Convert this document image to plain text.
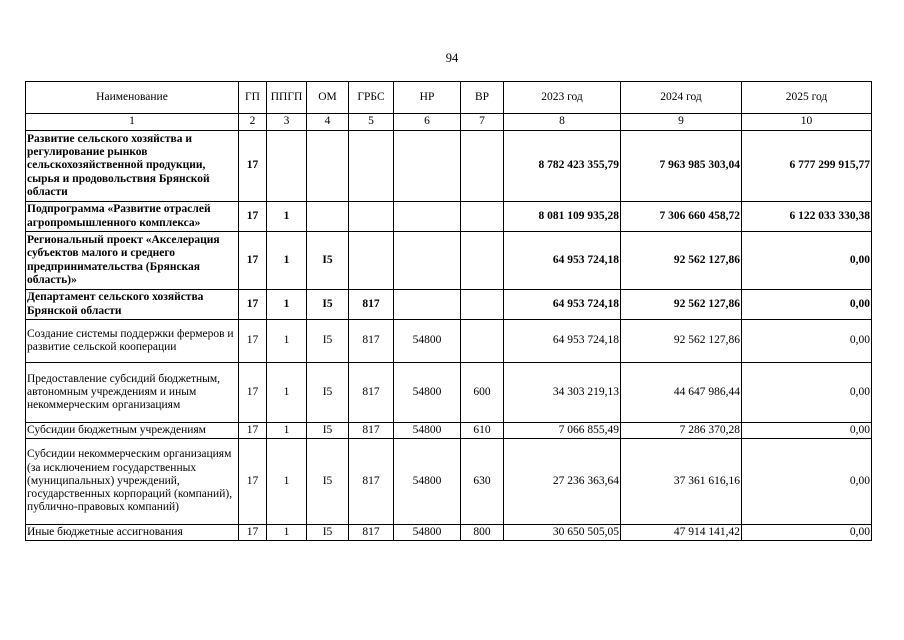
94
Наименование	ГП	ППГП	ОМ	ГРБС	НР	ВР	2023 год	2024 год	2025 год
1	2	3	4	5	6	7	8	9	10
Развитие сельского хозяйства и регулирование рынков сельскохозяйственной продукции, сырья и продовольствия Брянской области	17						8 782 423 355,79	7 963 985 303,04	6 777 299 915,77
Подпрограмма «Развитие отраслей агропромышленного комплекса»	17	1					8 081 109 935,28	7 306 660 458,72	6 122 033 330,38
Региональный проект «Акселерация субъектов малого и среднего предпринимательства (Брянская область)»	17	1	I5				64 953 724,18	92 562 127,86	0,00
Департамент сельского хозяйства Брянской области	17	1	I5	817			64 953 724,18	92 562 127,86	0,00
Создание системы поддержки фермеров и развитие сельской кооперации	17	1	I5	817	54800		64 953 724,18	92 562 127,86	0,00
Предоставление субсидий бюджетным, автономным учреждениям и иным некоммерческим организациям	17	1	I5	817	54800	600	34 303 219,13	44 647 986,44	0,00
Субсидии бюджетным учреждениям	17	1	I5	817	54800	610	7 066 855,49	7 286 370,28	0,00
Субсидии некоммерческим организациям (за исключением государственных (муниципальных) учреждений, государственных корпораций (компаний), публично-правовых компаний)	17	1	I5	817	54800	630	27 236 363,64	37 361 616,16	0,00
Иные бюджетные ассигнования	17	1	I5	817	54800	800	30 650 505,05	47 914 141,42	0,00
